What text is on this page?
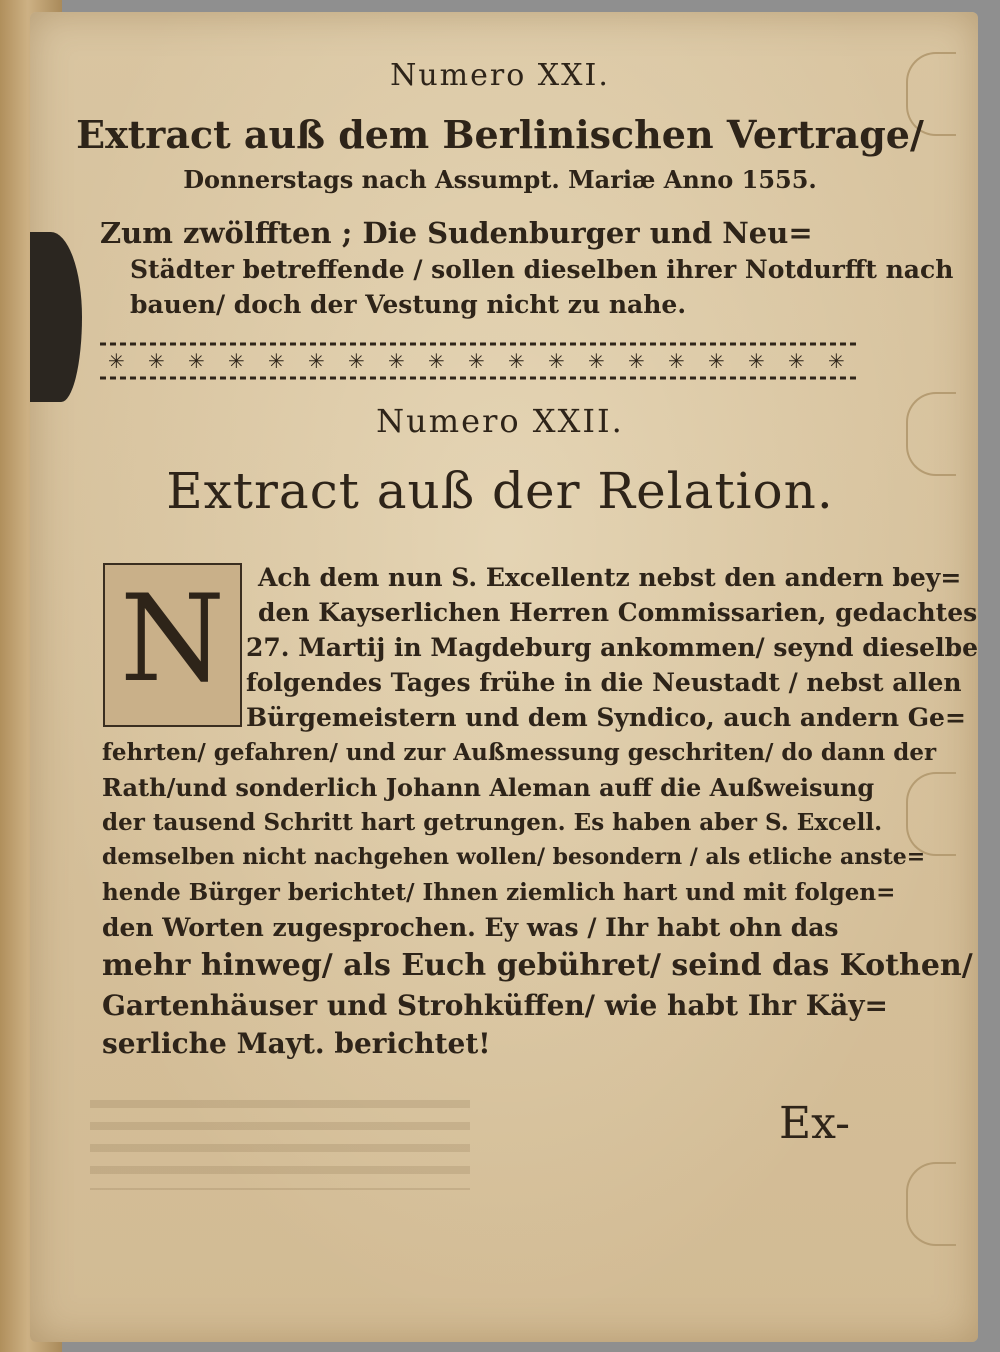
Numero XXI.
Extract auß dem Berlinischen Vertrage/
Donnerstags nach Assumpt. Mariæ Anno 1555.
Zum zwölfften ; Die Sudenburger und Neu=
Städter betreffende / sollen dieselben ihrer Notdurfft nach
bauen/ doch der Vestung nicht zu nahe.
✳ ✳ ✳ ✳ ✳ ✳ ✳ ✳ ✳ ✳ ✳ ✳ ✳ ✳ ✳ ✳ ✳ ✳ ✳
Numero XXII.
Extract auß der Relation.
N	Ach dem nun S. Excellentz nebst den andern bey=
den Kayserlichen Herren Commissarien, gedachtes
27. Martij in Magdeburg ankommen/ seynd dieselbe
folgendes Tages frühe in die Neustadt / nebst allen
Bürgemeistern und dem Syndico, auch andern Ge=
fehrten/ gefahren/ und zur Außmessung geschriten/ do dann der
Rath/und sonderlich Johann Aleman auff die Außweisung
der tausend Schritt hart getrungen. Es haben aber S. Excell.
demselben nicht nachgehen wollen/ besondern / als etliche anste=
hende Bürger berichtet/ Ihnen ziemlich hart und mit folgen=
den Worten zugesprochen. Ey was / Ihr habt ohn das
mehr hinweg/ als Euch gebühret/ seind das Kothen/
Gartenhäuser und Strohküffen/ wie habt Ihr Käy=
serliche Mayt. berichtet!
Ex-
